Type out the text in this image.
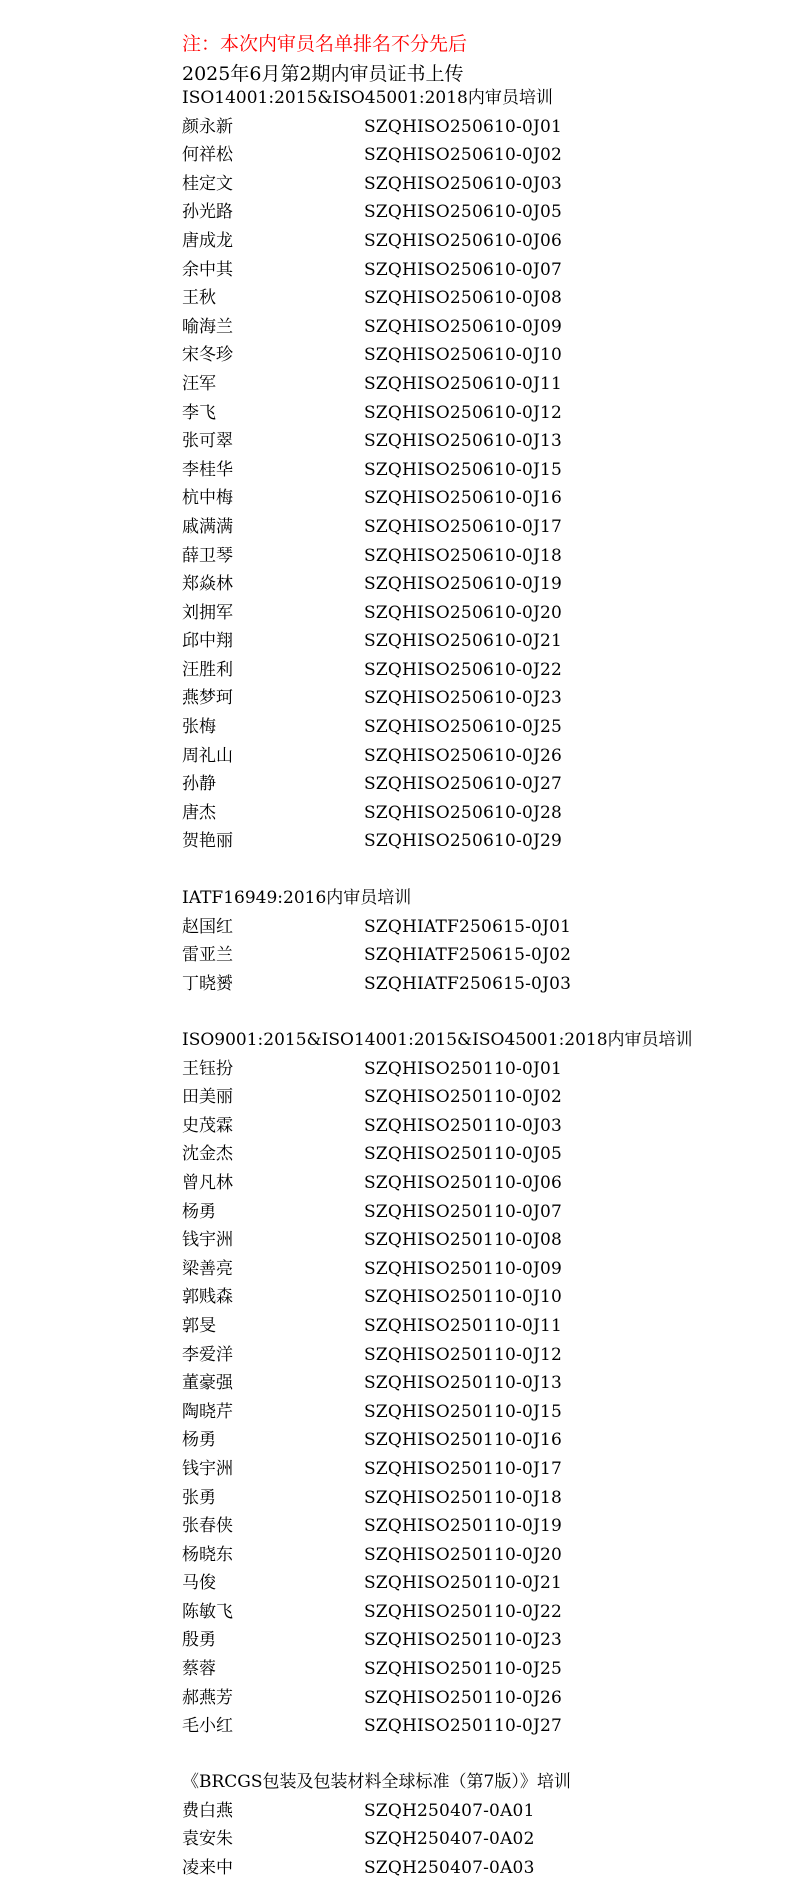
注：本次内审员名单排名不分先后
2025年6月第2期内审员证书上传
ISO14001:2015&ISO45001:2018内审员培训
颜永新	SZQHISO250610-0J01
何祥松	SZQHISO250610-0J02
桂定文	SZQHISO250610-0J03
孙光路	SZQHISO250610-0J05
唐成龙	SZQHISO250610-0J06
余中其	SZQHISO250610-0J07
王秋	SZQHISO250610-0J08
喻海兰	SZQHISO250610-0J09
宋冬珍	SZQHISO250610-0J10
汪军	SZQHISO250610-0J11
李飞	SZQHISO250610-0J12
张可翠	SZQHISO250610-0J13
李桂华	SZQHISO250610-0J15
杭中梅	SZQHISO250610-0J16
戚满满	SZQHISO250610-0J17
薛卫琴	SZQHISO250610-0J18
郑焱林	SZQHISO250610-0J19
刘拥军	SZQHISO250610-0J20
邱中翔	SZQHISO250610-0J21
汪胜利	SZQHISO250610-0J22
燕梦珂	SZQHISO250610-0J23
张梅	SZQHISO250610-0J25
周礼山	SZQHISO250610-0J26
孙静	SZQHISO250610-0J27
唐杰	SZQHISO250610-0J28
贺艳丽	SZQHISO250610-0J29
IATF16949:2016内审员培训
赵国红	SZQHIATF250615-0J01
雷亚兰	SZQHIATF250615-0J02
丁晓赟	SZQHIATF250615-0J03
ISO9001:2015&ISO14001:2015&ISO45001:2018内审员培训
王钰扮	SZQHISO250110-0J01
田美丽	SZQHISO250110-0J02
史茂霖	SZQHISO250110-0J03
沈金杰	SZQHISO250110-0J05
曾凡林	SZQHISO250110-0J06
杨勇	SZQHISO250110-0J07
钱宇洲	SZQHISO250110-0J08
梁善亮	SZQHISO250110-0J09
郭贱森	SZQHISO250110-0J10
郭旻	SZQHISO250110-0J11
李爱洋	SZQHISO250110-0J12
董豪强	SZQHISO250110-0J13
陶晓芹	SZQHISO250110-0J15
杨勇	SZQHISO250110-0J16
钱宇洲	SZQHISO250110-0J17
张勇	SZQHISO250110-0J18
张春侠	SZQHISO250110-0J19
杨晓东	SZQHISO250110-0J20
马俊	SZQHISO250110-0J21
陈敏飞	SZQHISO250110-0J22
殷勇	SZQHISO250110-0J23
蔡蓉	SZQHISO250110-0J25
郝燕芳	SZQHISO250110-0J26
毛小红	SZQHISO250110-0J27
《BRCGS包装及包装材料全球标准（第7版）》培训
费白燕	SZQH250407-0A01
袁安朱	SZQH250407-0A02
凌来中	SZQH250407-0A03
